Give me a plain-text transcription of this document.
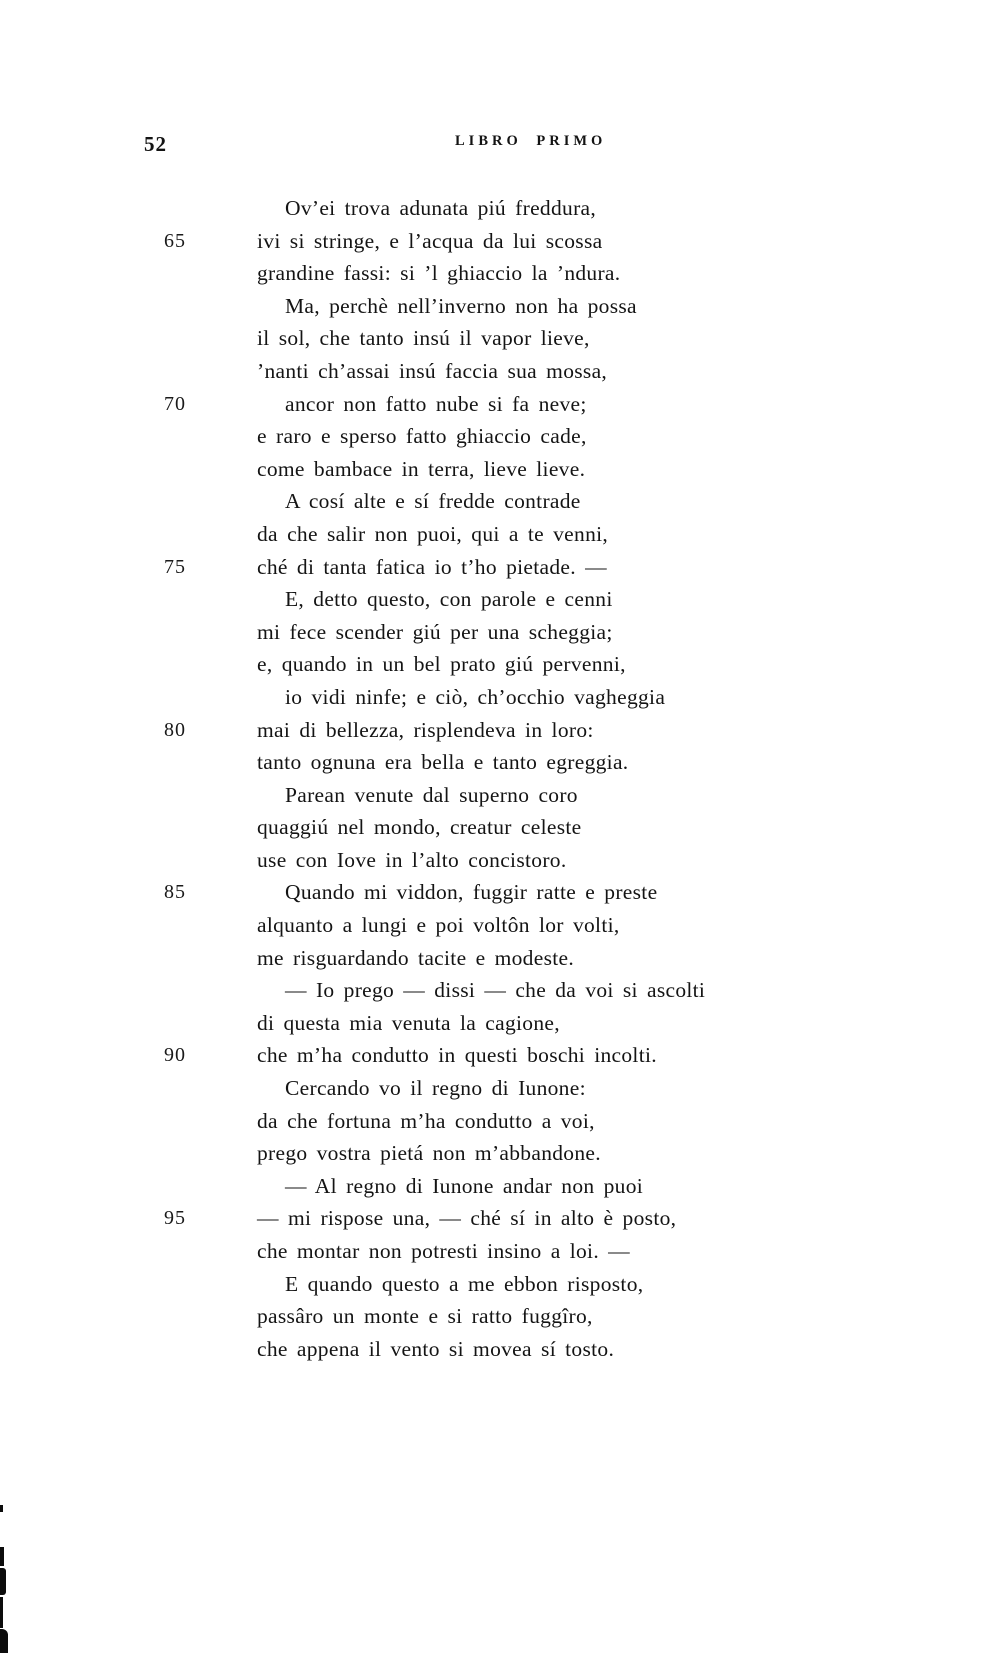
52	LIBRO PRIMO
Ov’ei trova adunata piú freddura,
65	ivi si stringe, e l’acqua da lui scossa
grandine fassi: si ’l ghiaccio la ’ndura.
Ma, perchè nell’inverno non ha possa
il sol, che tanto insú il vapor lieve,
’nanti ch’assai insú faccia sua mossa,
70	ancor non fatto nube si fa neve;
e raro e sperso fatto ghiaccio cade,
come bambace in terra, lieve lieve.
A cosí alte e sí fredde contrade
da che salir non puoi, qui a te venni,
75	ché di tanta fatica io t’ho pietade. —
E, detto questo, con parole e cenni
mi fece scender giú per una scheggia;
e, quando in un bel prato giú pervenni,
io vidi ninfe; e ciò, ch’occhio vagheggia
80	mai di bellezza, risplendeva in loro:
tanto ognuna era bella e tanto egreggia.
Parean venute dal superno coro
quaggiú nel mondo, creatur celeste
use con Iove in l’alto concistoro.
85	Quando mi viddon, fuggir ratte e preste
alquanto a lungi e poi voltôn lor volti,
me risguardando tacite e modeste.
— Io prego — dissi — che da voi si ascolti
di questa mia venuta la cagione,
90	che m’ha condutto in questi boschi incolti.
Cercando vo il regno di Iunone:
da che fortuna m’ha condutto a voi,
prego vostra pietá non m’abbandone.
— Al regno di Iunone andar non puoi
95	— mi rispose una, — ché sí in alto è posto,
che montar non potresti insino a loi. —
E quando questo a me ebbon risposto,
passâro un monte e si ratto fuggîro,
che appena il vento si movea sí tosto.
